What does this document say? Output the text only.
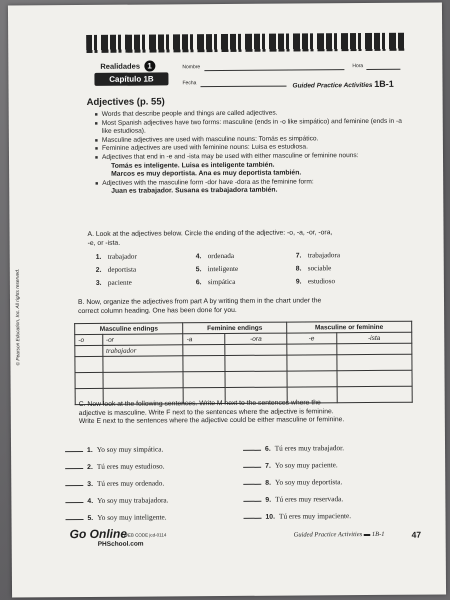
Realidades 1
Capítulo 1B
Nombre	Hora
Fecha	Guided Practice Activities 1B-1
Adjectives (p. 55)
■ Words that describe people and things are called adjectives.
■ Most Spanish adjectives have two forms: masculine (ends in -o like simpático) and feminine (ends in -a like estudiosa).
■ Masculine adjectives are used with masculine nouns: Tomás es simpático.
■ Feminine adjectives are used with feminine nouns: Luisa es estudiosa.
■ Adjectives that end in -e and -ista may be used with either masculine or feminine nouns:
Tomás es inteligente. Luisa es inteligente también.
Marcos es muy deportista. Ana es muy deportista también.
■ Adjectives with the masculine form -dor have -dora as the feminine form:
Juan es trabajador. Susana es trabajadora también.
A. Look at the adjectives below. Circle the ending of the adjective: -o, -a, -or, -ora,
-e, or -ista.
1. trabajador	4. ordenada	7. trabajadora
2. deportista	5. inteligente	8. sociable
3. paciente	6. simpática	9. estudioso
B. Now, organize the adjectives from part A by writing them in the chart under the
correct column heading. One has been done for you.
Masculine endings		Feminine endings		Masculine or feminine	
-o	-or	-a	-ora	-e	-ista
	trabajador				

C. Now look at the following sentences. Write M next to the sentences where the
adjective is masculine. Write F next to the sentences where the adjective is feminine.
Write E next to the sentences where the adjective could be either masculine or feminine.
1. Yo soy muy simpática.	6. Tú eres muy trabajador.
2. Tú eres muy estudioso.	7. Yo soy muy paciente.
3. Tú eres muy ordenado.	8. Yo soy muy deportista.
4. Yo soy muy trabajadora.	9. Tú eres muy reservada.
5. Yo soy muy inteligente.	10. Tú eres muy impaciente.
Go Online
WEB CODE jcd-0114
PHSchool.com
Guided Practice Activities ▬ 1B-1	47
© Pearson Education, Inc. All rights reserved.
